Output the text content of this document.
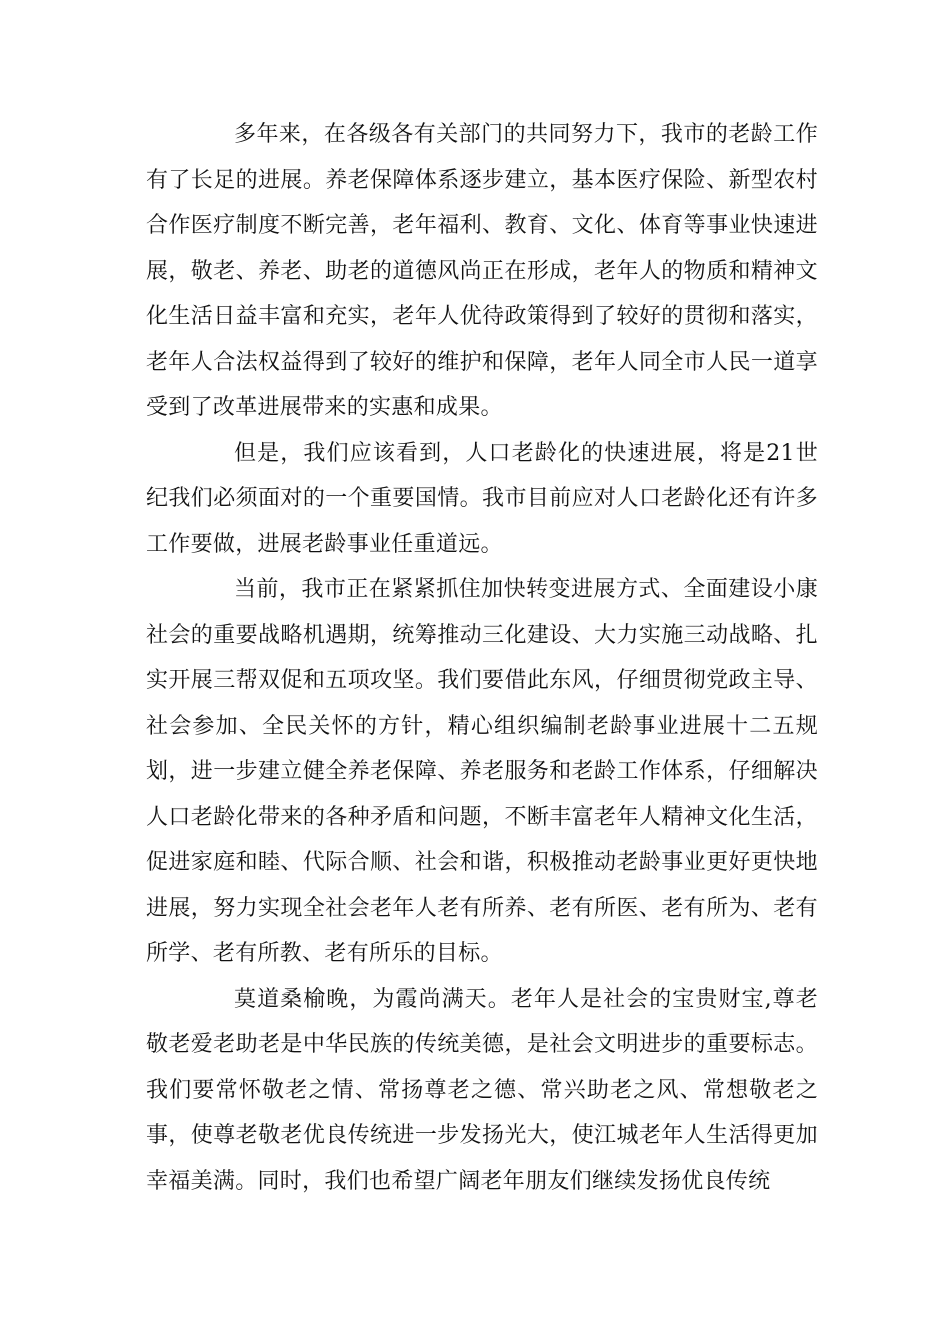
多年来，在各级各有关部门的共同努力下，我市的老龄工作有了长足的进展。养老保障体系逐步建立，基本医疗保险、新型农村合作医疗制度不断完善，老年福利、教育、文化、体育等事业快速进展，敬老、养老、助老的道德风尚正在形成，老年人的物质和精神文化生活日益丰富和充实，老年人优待政策得到了较好的贯彻和落实，老年人合法权益得到了较好的维护和保障，老年人同全市人民一道享受到了改革进展带来的实惠和成果。

但是，我们应该看到，人口老龄化的快速进展，将是21世纪我们必须面对的一个重要国情。我市目前应对人口老龄化还有许多工作要做，进展老龄事业任重道远。

当前，我市正在紧紧抓住加快转变进展方式、全面建设小康社会的重要战略机遇期，统筹推动三化建设、大力实施三动战略、扎实开展三帮双促和五项攻坚。我们要借此东风，仔细贯彻党政主导、社会参加、全民关怀的方针，精心组织编制老龄事业进展十二五规划，进一步建立健全养老保障、养老服务和老龄工作体系，仔细解决人口老龄化带来的各种矛盾和问题，不断丰富老年人精神文化生活，促进家庭和睦、代际合顺、社会和谐，积极推动老龄事业更好更快地进展，努力实现全社会老年人老有所养、老有所医、老有所为、老有所学、老有所教、老有所乐的目标。

莫道桑榆晚，为霞尚满天。老年人是社会的宝贵财宝,尊老敬老爱老助老是中华民族的传统美德，是社会文明进步的重要标志。我们要常怀敬老之情、常扬尊老之德、常兴助老之风、常想敬老之事，使尊老敬老优良传统进一步发扬光大，使江城老年人生活得更加幸福美满。同时，我们也希望广阔老年朋友们继续发扬优良传统
